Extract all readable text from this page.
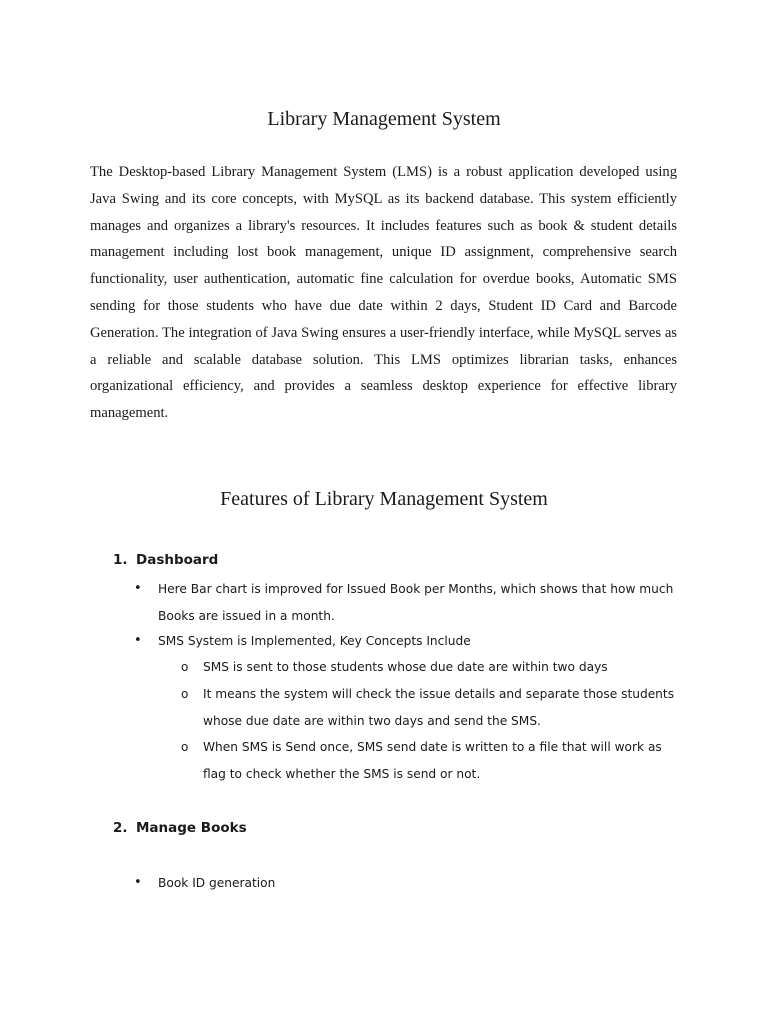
Library Management System

The Desktop-based Library Management System (LMS) is a robust application developed using Java Swing and its core concepts, with MySQL as its backend database. This system efficiently manages and organizes a library's resources. It includes features such as book & student details management including lost book management, unique ID assignment, comprehensive search functionality, user authentication, automatic fine calculation for overdue books, Automatic SMS sending for those students who have due date within 2 days, Student ID Card and Barcode Generation. The integration of Java Swing ensures a user-friendly interface, while MySQL serves as a reliable and scalable database solution. This LMS optimizes librarian tasks, enhances organizational efficiency, and provides a seamless desktop experience for effective library management.

Features of Library Management System
1. Dashboard

• Here Bar chart is improved for Issued Book per Months, which shows that how much Books are issued in a month.

• SMS System is Implemented, Key Concepts Include

o SMS is sent to those students whose due date are within two days

o It means the system will check the issue details and separate those students whose due date are within two days and send the SMS.

o When SMS is Send once, SMS send date is written to a file that will work as flag to check whether the SMS is send or not.

2. Manage Books

• Book ID generation
